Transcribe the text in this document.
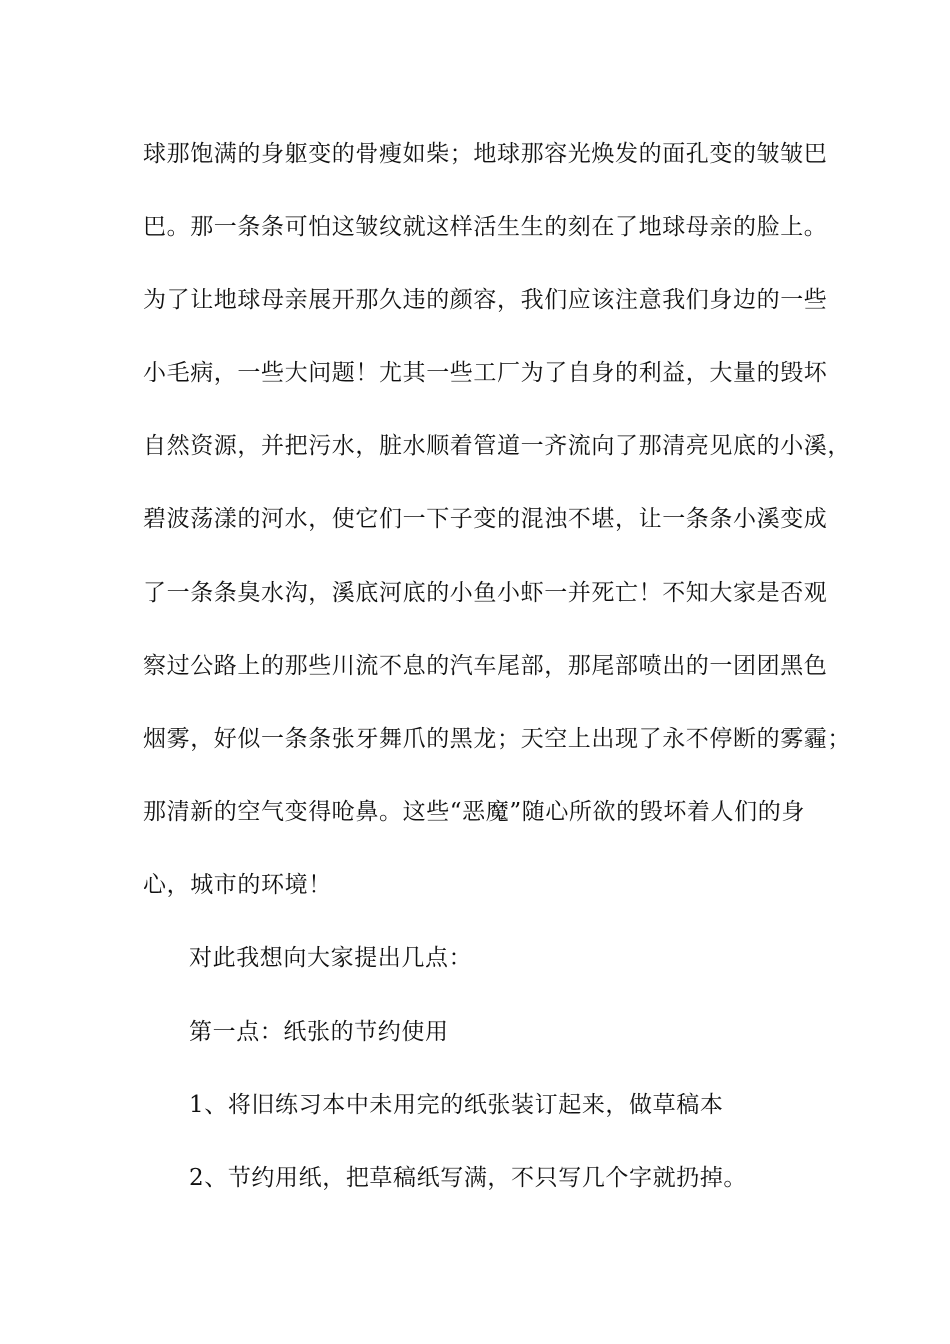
球那饱满的身躯变的骨瘦如柴；地球那容光焕发的面孔变的皱皱巴
巴。那一条条可怕这皱纹就这样活生生的刻在了地球母亲的脸上。
为了让地球母亲展开那久违的颜容，我们应该注意我们身边的一些
小毛病，一些大问题！尤其一些工厂为了自身的利益，大量的毁坏
自然资源，并把污水，脏水顺着管道一齐流向了那清亮见底的小溪，
碧波荡漾的河水，使它们一下子变的混浊不堪，让一条条小溪变成
了一条条臭水沟，溪底河底的小鱼小虾一并死亡！不知大家是否观
察过公路上的那些川流不息的汽车尾部，那尾部喷出的一团团黑色
烟雾，好似一条条张牙舞爪的黑龙；天空上出现了永不停断的雾霾；
那清新的空气变得呛鼻。这些“恶魔”随心所欲的毁坏着人们的身
心，城市的环境！
对此我想向大家提出几点：
第一点：纸张的节约使用
1、将旧练习本中未用完的纸张装订起来，做草稿本
2、节约用纸，把草稿纸写满，不只写几个字就扔掉。
